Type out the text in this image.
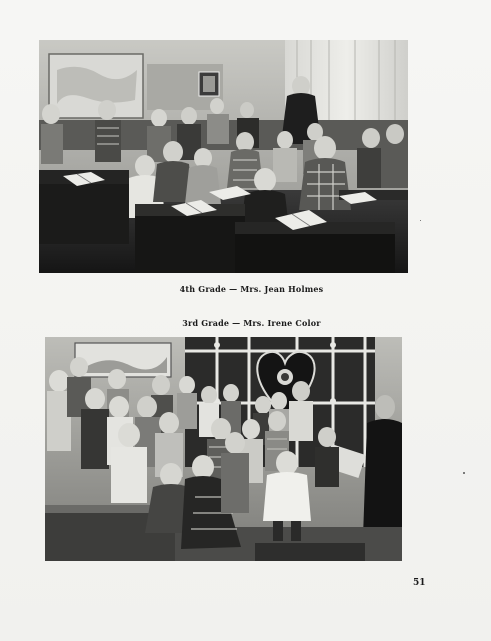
4th Grade — Mrs. Jean Holmes
3rd Grade — Mrs. Irene Color
51
